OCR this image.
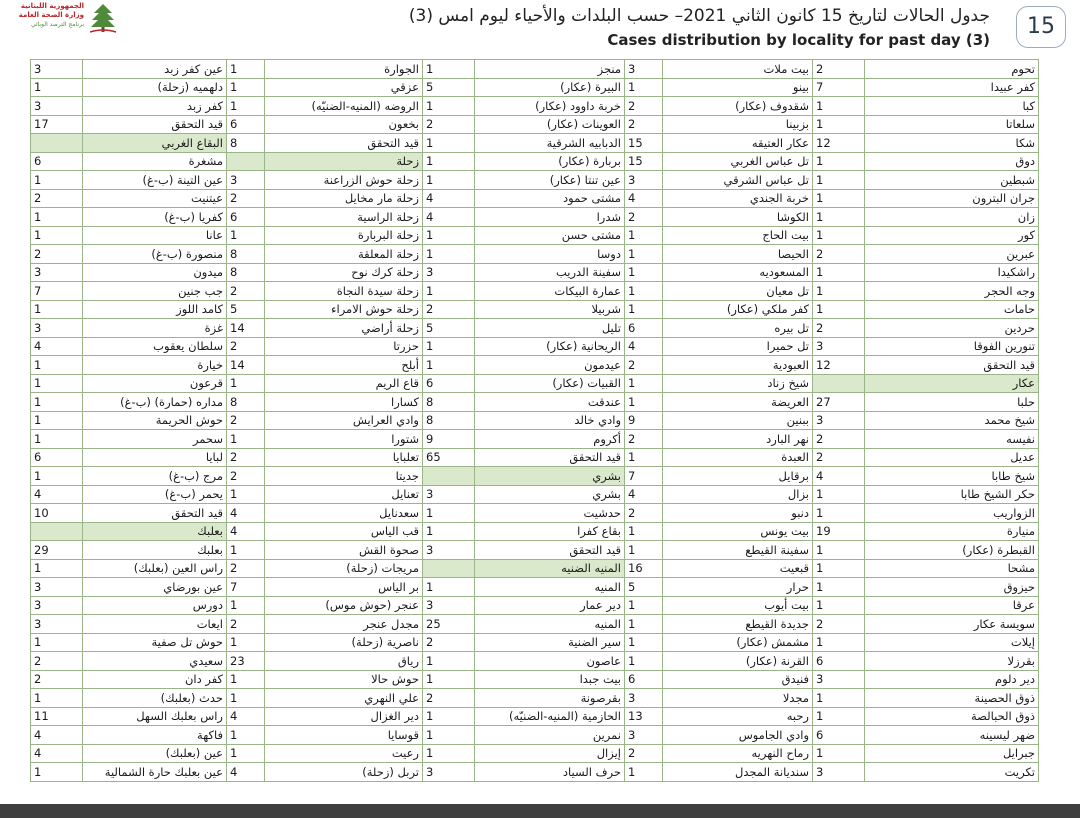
الجمهورية اللبنانية
وزارة الصحة العامة
برنامج الترصد الوبائي	جدول الحالات لتاريخ 15 كانون الثاني 2021– حسب البلدات والأحياء ليوم امس (3)
Cases distribution by locality for past day (3)
15
3	عين كفر زبد	1	الجوارة	1	منجز	3	بيت ملات	2	تحوم
1	دلهميه (زحلة)	1	عزقي	5	البيرة (عكار)	1	بينو	7	كفر عبيدا
3	كفر زبد	1	الروضه (المنيه-الضنيّه)	1	خربة داوود (عكار)	2	شقدوف (عكار)	1	كبا
17	قيد التحقق	6	بخعون	2	العوينات (عكار)	2	بزبينا	1	سلعاتا
	البقاع الغربي	8	قيد التحقق	1	الدبابيه الشرقية	15	عكار العتيقه	12	شكا
6	مشغرة		زحلة	1	بربارة (عكار)	15	تل عباس الغربي	1	دوق
1	عين التينة (ب-غ)	3	زحلة حوش الزراعنة	1	عين تنتا (عكار)	3	تل عباس الشرقي	1	شبطين
2	عيتنيت	2	زحلة مار مخايل	4	مشتى حمود	4	خربة الجندي	1	جران البترون
1	كفريا (ب-غ)	6	زحلة الراسية	4	شدرا	2	الكوشا	1	زان
1	عانا	1	زحلة البربارة	1	مشتى حسن	1	بيت الحاج	1	كور
2	منصورة (ب-غ)	8	زحلة المعلقة	1	دوسا	1	الحيصا	2	عبرين
3	ميدون	8	زحلة كرك نوح	3	سفينة الدريب	1	المسعوديه	1	راشكيدا
7	جب جنين	2	زحلة سيدة النجاة	1	عمارة البيكات	1	تل معيان	1	وجه الحجر
1	كامد اللوز	5	زحلة حوش الامراء	2	شربيلا	1	كفر ملكي (عكار)	1	حامات
3	غزة	14	زحلة أراضي	5	تليل	6	تل بيره	2	حردين
4	سلطان يعقوب	2	حزرتا	1	الريحانية (عكار)	4	تل حميرا	3	تنورين الفوقا
1	خيارة	14	أبلح	1	عيدمون	2	العبودية	12	قيد التحقق
1	قرعون	1	قاع الريم	6	القبيات (عكار)	1	شيخ زناد		عكار
1	مداره (حمارة) (ب-غ)	8	كسارا	8	عندقت	1	العريضة	27	حلبا
1	حوش الحريمة	2	وادي العرايش	8	وادي خالد	9	ببنين	3	شيخ محمد
1	سحمر	1	شتورا	9	أكروم	2	نهر البارد	2	نفيسه
6	لبايا	2	تعلبايا	65	قيد التحقق	1	العبدة	2	عديل
1	مرج (ب-غ)	2	جديتا		بشري	7	برقايل	4	شيخ طابا
4	يحمر (ب-غ)	1	تعنايل	3	بشري	4	بزال	1	حكر الشيخ طابا
10	قيد التحقق	4	سعدنايل	1	حدشيت	2	دنبو	1	الزواريب
	بعلبك	4	قب الياس	1	بقاع كفرا	1	بيت يونس	19	منيارة
29	بعلبك	1	صحوة القش	3	قيد التحقق	1	سفينة القيطع	1	القبطرة (عكار)
1	راس العين (بعلبك)	2	مريجات (زحلة)		المنيه الضنيه	16	قبعيت	1	مشحا
3	عين بورضاي	7	بر الياس	1	المنيه	5	حرار	1	حيزوق
3	دورس	1	عنجر (حوش موس)	3	دير عمار	1	بيت أيوب	1	عرقا
3	ايعات	2	مجدل عنجر	25	المنيه	1	جديدة القيطع	2	سويسة عكار
1	حوش تل صفية	1	ناصرية (زحلة)	2	سير الضنية	1	مشمش (عكار)	1	إيلات
2	سعيدي	23	رياق	1	عاصون	1	القرنة (عكار)	6	بقرزلا
2	كفر دان	1	حوش حالا	1	بيت جبدا	6	فنيدق	3	دير دلوم
1	حدث (بعلبك)	1	علي النهري	2	بقرصونة	3	مجدلا	1	ذوق الحصينة
11	راس بعلبك السهل	4	دير الغزال	1	الحازمية (المنيه-الضنيّه)	13	رحبه	1	ذوق الحبالصة
4	فاكهة	1	قوسايا	1	نمرين	3	وادي الجاموس	6	ضهر ليسينه
4	عين (بعلبك)	1	رعيت	1	إيزال	2	رماح النهريه	1	جبرايل
1	عين بعلبك حارة الشمالية	4	تربل (زحلة)	3	حرف السياد	1	سنديانة المجدل	3	تكريت
